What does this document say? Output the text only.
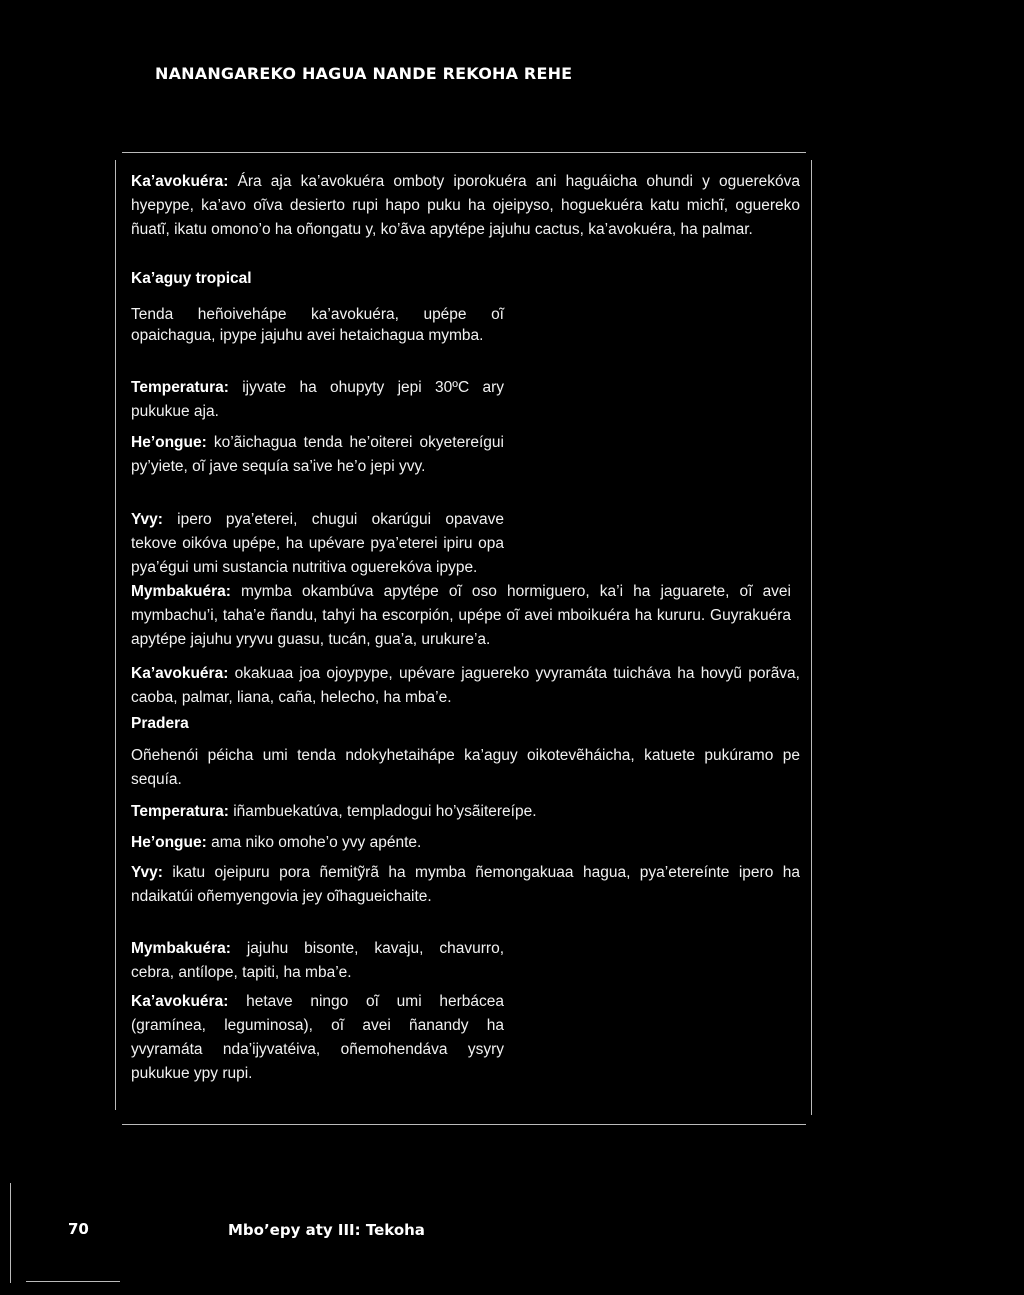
NANANGAREKO HAGUA NANDE REKOHA REHE

Ka’avokuéra: Ára aja ka’avokuéra omboty iporokuéra ani haguáicha ohundi y oguerekóva hyepype, ka’avo oĩva desierto rupi hapo puku ha ojeipyso, hoguekuéra katu michĩ, oguereko ñuatĩ, ikatu omono’o ha oñongatu y, ko’ãva apytépe jajuhu cactus, ka’avokuéra, ha palmar.

Ka’aguy tropical

Tenda heñoiveháp‍e ka’avokuéra, upépe oĩ opaichagua, ipype jajuhu avei hetaichagua mymba.

Temperatura: ijyvate ha ohupyty jepi 30ºC ary pukukue aja.

He’ongue: ko’ãichagua tenda he’oiterei okyetereígui py’yiete, oĩ jave sequía sa’ive he’o jepi yvy.

Yvy: ipero pya’eterei, chugui okarúgui opavave tekove oikóva upépe, ha upévare pya’eterei ipiru opa pya’égui umi sustancia nutritiva oguerekóva ipype.

Mymbakuéra: mymba okambúva apytépe oĩ oso hormiguero, ka’i ha jaguarete, oĩ avei mymbachu’i, taha’e ñandu, tahyi ha escorpión, upépe oĩ avei mboikuéra ha kururu. Guyrakuéra apytépe jajuhu yryvu guasu, tucán, gua’a, urukure’a.

Ka’avokuéra: okakuaa joa ojoypype, upévare jaguereko yvyramáta tuicháva ha hovyũ porãva, caoba, palmar, liana, caña, helecho, ha mba’e.

Pradera

Oñehenói péicha umi tenda ndokyhetaiháp‍e ka’aguy oikotevẽháicha, katuete pukúramo pe sequía.

Temperatura: iñambuekatúva, templadogui ho’ysãitereípe.

He’ongue: ama niko omohe’o yvy apénte.

Yvy: ikatu ojeipuru pora ñemitỹrã ha mymba ñemongakuaa hagua, pya’etereínte ipero ha ndaikatúi oñemyengovia jey oĩhagueichaite.

Mymbakuéra: jajuhu bisonte, kavaju, chavurro, cebra, antílope, tapiti, ha mba’e.

Ka’avokuéra: hetave ningo oĩ umi herbácea (gramínea, leguminosa), oĩ avei ñanandy ha yvyramáta nda’ijyvatéiva, oñemohendáva ysyry pukukue ypy rupi.

70	Mbo’epy aty III: Tekoha
